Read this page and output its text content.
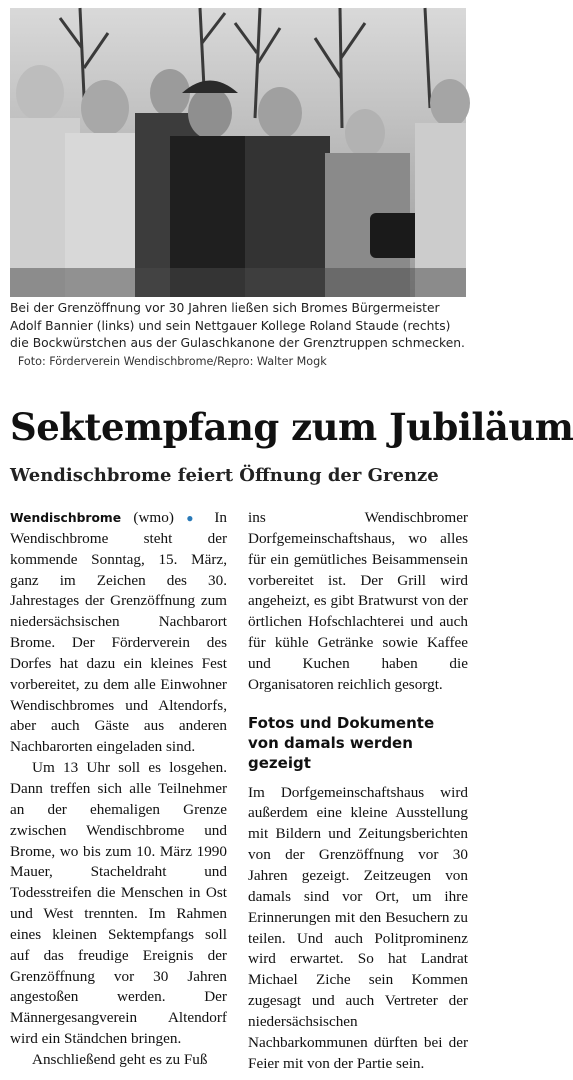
Bei der Grenzöffnung vor 30 Jahren ließen sich Bromes Bürgermeister Adolf Bannier (links) und sein Nettgauer Kollege Roland Staude (rechts) die Bockwürstchen aus der Gulaschkanone der Grenztruppen schmecken.   Foto: Förderverein Wendischbrome/Repro: Walter Mogk

Sektempfang zum Jubiläum
Wendischbrome feiert Öffnung der Grenze

Wendischbrome (wmo) ● In Wendischbrome steht der kommende Sonntag, 15. März, ganz im Zeichen des 30. Jahrestages der Grenzöffnung zum niedersächsischen Nachbarort Brome. Der Förderverein des Dorfes hat dazu ein kleines Fest vorbereitet, zu dem alle Einwohner Wendischbromes und Altendorfs, aber auch Gäste aus anderen Nachbarorten eingeladen sind.

Um 13 Uhr soll es losgehen. Dann treffen sich alle Teilnehmer an der ehemaligen Grenze zwischen Wendischbrome und Brome, wo bis zum 10. März 1990 Mauer, Stacheldraht und Todesstreifen die Menschen in Ost und West trennten. Im Rahmen eines kleinen Sektempfangs soll auf das freudige Ereignis der Grenzöffnung vor 30 Jahren angestoßen werden. Der Männergesangverein Altendorf wird ein Ständchen bringen.

Anschließend geht es zu Fuß

ins Wendischbromer Dorfgemeinschaftshaus, wo alles für ein gemütliches Beisammensein vorbereitet ist. Der Grill wird angeheizt, es gibt Bratwurst von der örtlichen Hofschlachterei und auch für kühle Getränke sowie Kaffee und Kuchen haben die Organisatoren reichlich gesorgt.

Fotos und Dokumente von damals werden gezeigt

Im Dorfgemeinschaftshaus wird außerdem eine kleine Ausstellung mit Bildern und Zeitungsberichten von der Grenzöffnung vor 30 Jahren gezeigt. Zeitzeugen von damals sind vor Ort, um ihre Erinnerungen mit den Besuchern zu teilen. Und auch Politprominenz wird erwartet. So hat Landrat Michael Ziche sein Kommen zugesagt und auch Vertreter der niedersächsischen Nachbarkommunen dürften bei der Feier mit von der Partie sein.
